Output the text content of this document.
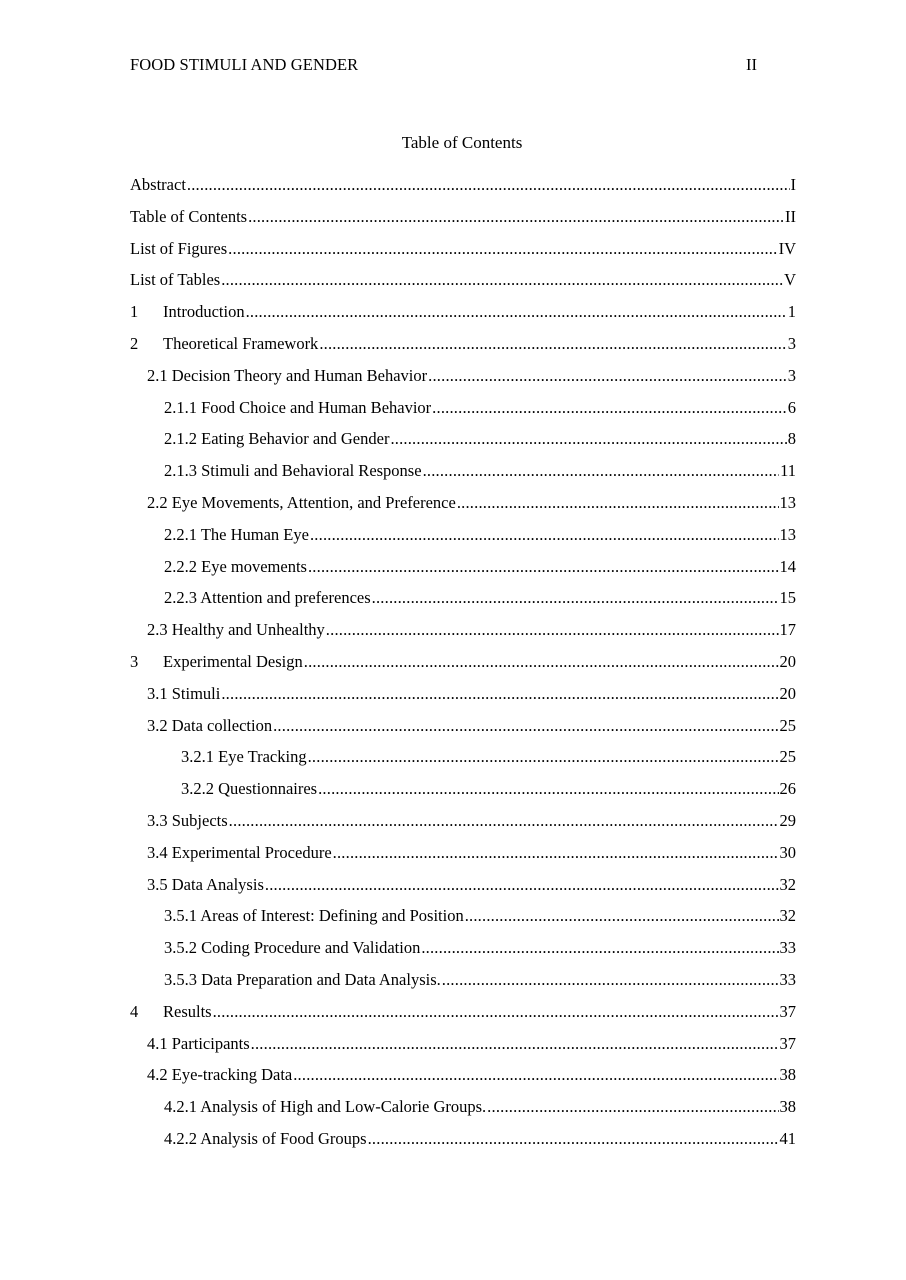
FOOD STIMULI AND GENDER	II
Table of Contents
Abstract .....	I
Table of Contents .....	II
List of Figures .....	IV
List of Tables .....	V
1	Introduction .....	1
2	Theoretical Framework .....	3
2.1 Decision Theory and Human Behavior .....	3
2.1.1 Food Choice and Human Behavior .....	6
2.1.2 Eating Behavior and Gender .....	8
2.1.3 Stimuli and Behavioral Response .....	11
2.2 Eye Movements, Attention, and Preference .....	13
2.2.1 The Human Eye .....	13
2.2.2 Eye movements .....	14
2.2.3 Attention and preferences .....	15
2.3 Healthy and Unhealthy .....	17
3	Experimental Design .....	20
3.1 Stimuli .....	20
3.2 Data collection .....	25
3.2.1 Eye Tracking .....	25
3.2.2 Questionnaires .....	26
3.3 Subjects .....	29
3.4 Experimental Procedure .....	30
3.5 Data Analysis .....	32
3.5.1 Areas of Interest: Defining and Position .....	32
3.5.2 Coding Procedure and Validation .....	33
3.5.3 Data Preparation and Data Analysis. .....	33
4	Results .....	37
4.1 Participants .....	37
4.2 Eye-tracking Data .....	38
4.2.1 Analysis of High and Low-Calorie Groups. .....	38
4.2.2 Analysis of Food Groups .....	41
